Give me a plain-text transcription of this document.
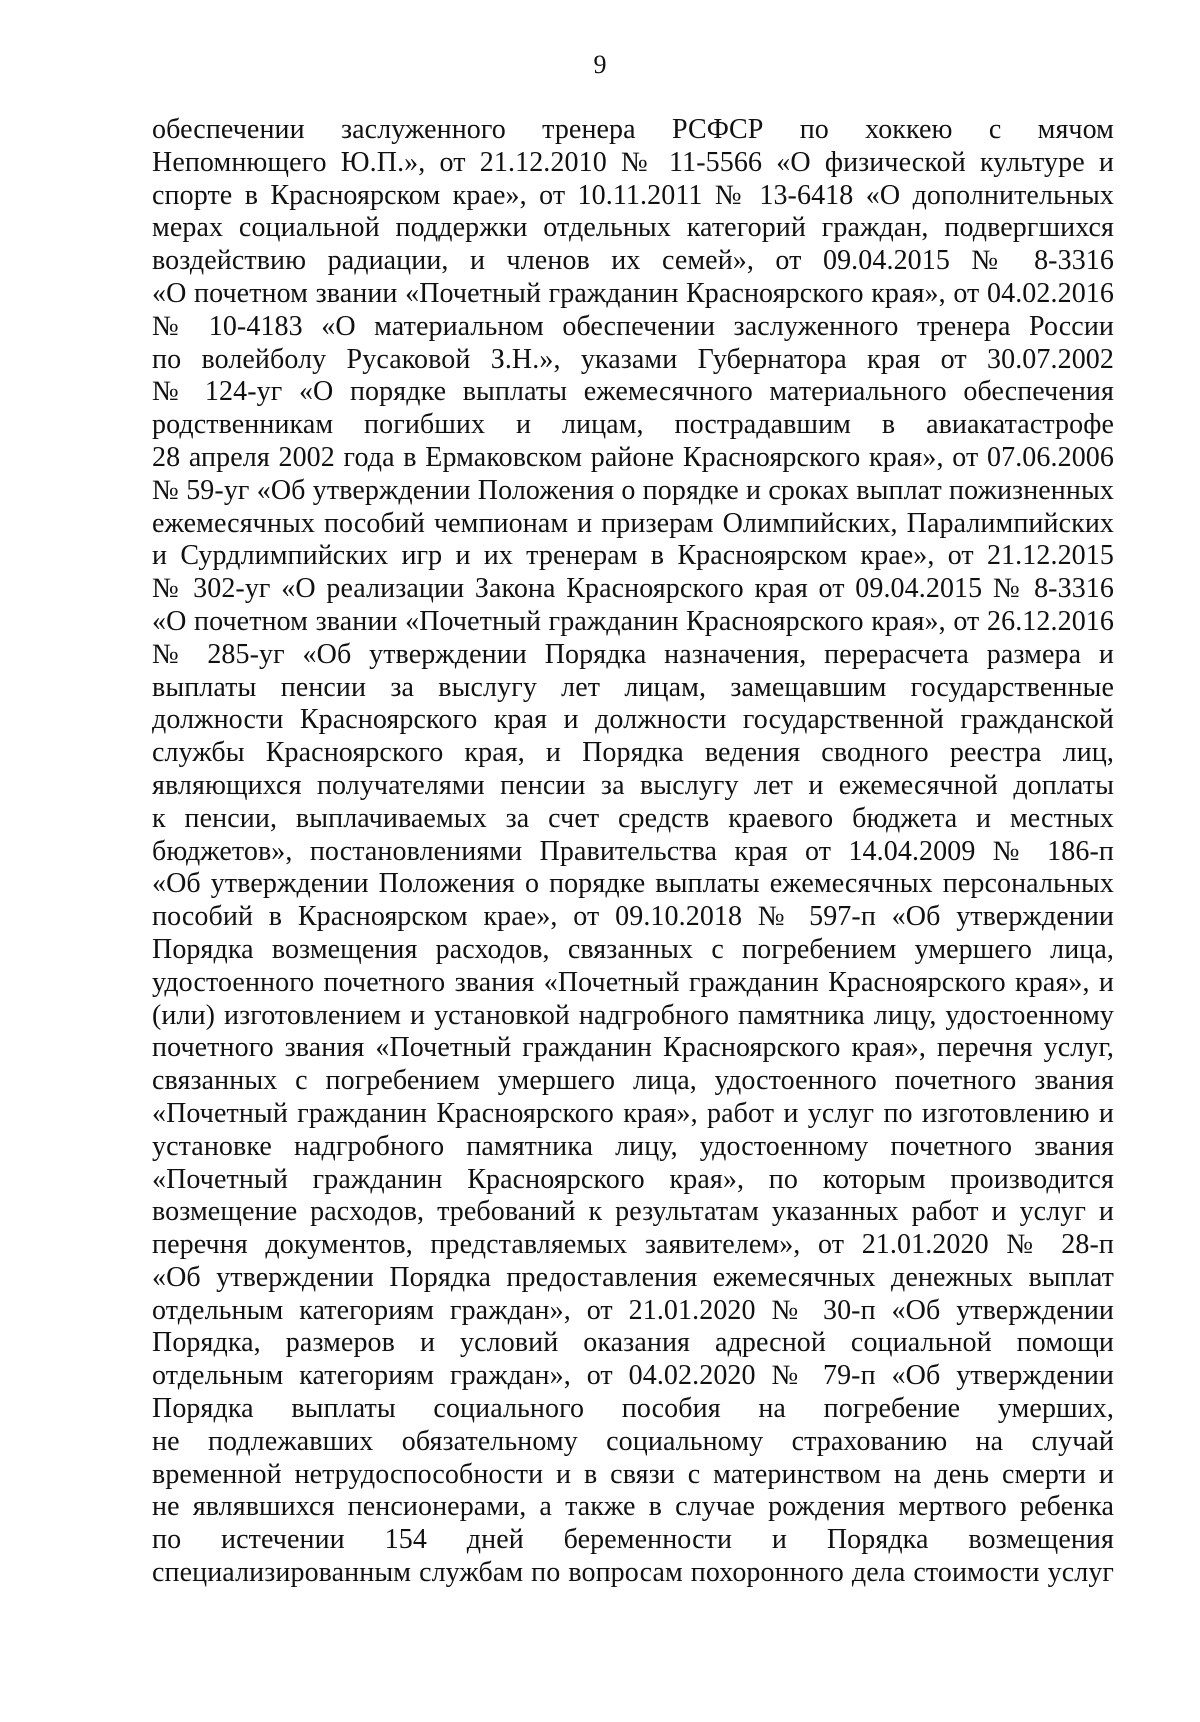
9
обеспечении заслуженного тренера РСФСР по хоккею с мячом
Непомнющего Ю.П.», от 21.12.2010 № 11-5566 «О физической культуре и
спорте в Красноярском крае», от 10.11.2011 № 13-6418 «О дополнительных
мерах социальной поддержки отдельных категорий граждан, подвергшихся
воздействию радиации, и членов их семей», от 09.04.2015 № 8-3316
«О почетном звании «Почетный гражданин Красноярского края», от 04.02.2016
№ 10-4183 «О материальном обеспечении заслуженного тренера России
по волейболу Русаковой З.Н.», указами Губернатора края от 30.07.2002
№ 124-уг «О порядке выплаты ежемесячного материального обеспечения
родственникам погибших и лицам, пострадавшим в авиакатастрофе
28 апреля 2002 года в Ермаковском районе Красноярского края», от 07.06.2006
№ 59-уг «Об утверждении Положения о порядке и сроках выплат пожизненных
ежемесячных пособий чемпионам и призерам Олимпийских, Паралимпийских
и Сурдлимпийских игр и их тренерам в Красноярском крае», от 21.12.2015
№ 302-уг «О реализации Закона Красноярского края от 09.04.2015 № 8-3316
«О почетном звании «Почетный гражданин Красноярского края», от 26.12.2016
№ 285-уг «Об утверждении Порядка назначения, перерасчета размера и
выплаты пенсии за выслугу лет лицам, замещавшим государственные
должности Красноярского края и должности государственной гражданской
службы Красноярского края, и Порядка ведения сводного реестра лиц,
являющихся получателями пенсии за выслугу лет и ежемесячной доплаты
к пенсии, выплачиваемых за счет средств краевого бюджета и местных
бюджетов», постановлениями Правительства края от 14.04.2009 № 186-п
«Об утверждении Положения о порядке выплаты ежемесячных персональных
пособий в Красноярском крае», от 09.10.2018 № 597-п «Об утверждении
Порядка возмещения расходов, связанных с погребением умершего лица,
удостоенного почетного звания «Почетный гражданин Красноярского края», и
(или) изготовлением и установкой надгробного памятника лицу, удостоенному
почетного звания «Почетный гражданин Красноярского края», перечня услуг,
связанных с погребением умершего лица, удостоенного почетного звания
«Почетный гражданин Красноярского края», работ и услуг по изготовлению и
установке надгробного памятника лицу, удостоенному почетного звания
«Почетный гражданин Красноярского края», по которым производится
возмещение расходов, требований к результатам указанных работ и услуг и
перечня документов, представляемых заявителем», от 21.01.2020 № 28-п
«Об утверждении Порядка предоставления ежемесячных денежных выплат
отдельным категориям граждан», от 21.01.2020 № 30-п «Об утверждении
Порядка, размеров и условий оказания адресной социальной помощи
отдельным категориям граждан», от 04.02.2020 № 79-п «Об утверждении
Порядка выплаты социального пособия на погребение умерших,
не подлежавших обязательному социальному страхованию на случай
временной нетрудоспособности и в связи с материнством на день смерти и
не являвшихся пенсионерами, а также в случае рождения мертвого ребенка
по истечении 154 дней беременности и Порядка возмещения
специализированным службам по вопросам похоронного дела стоимости услуг
